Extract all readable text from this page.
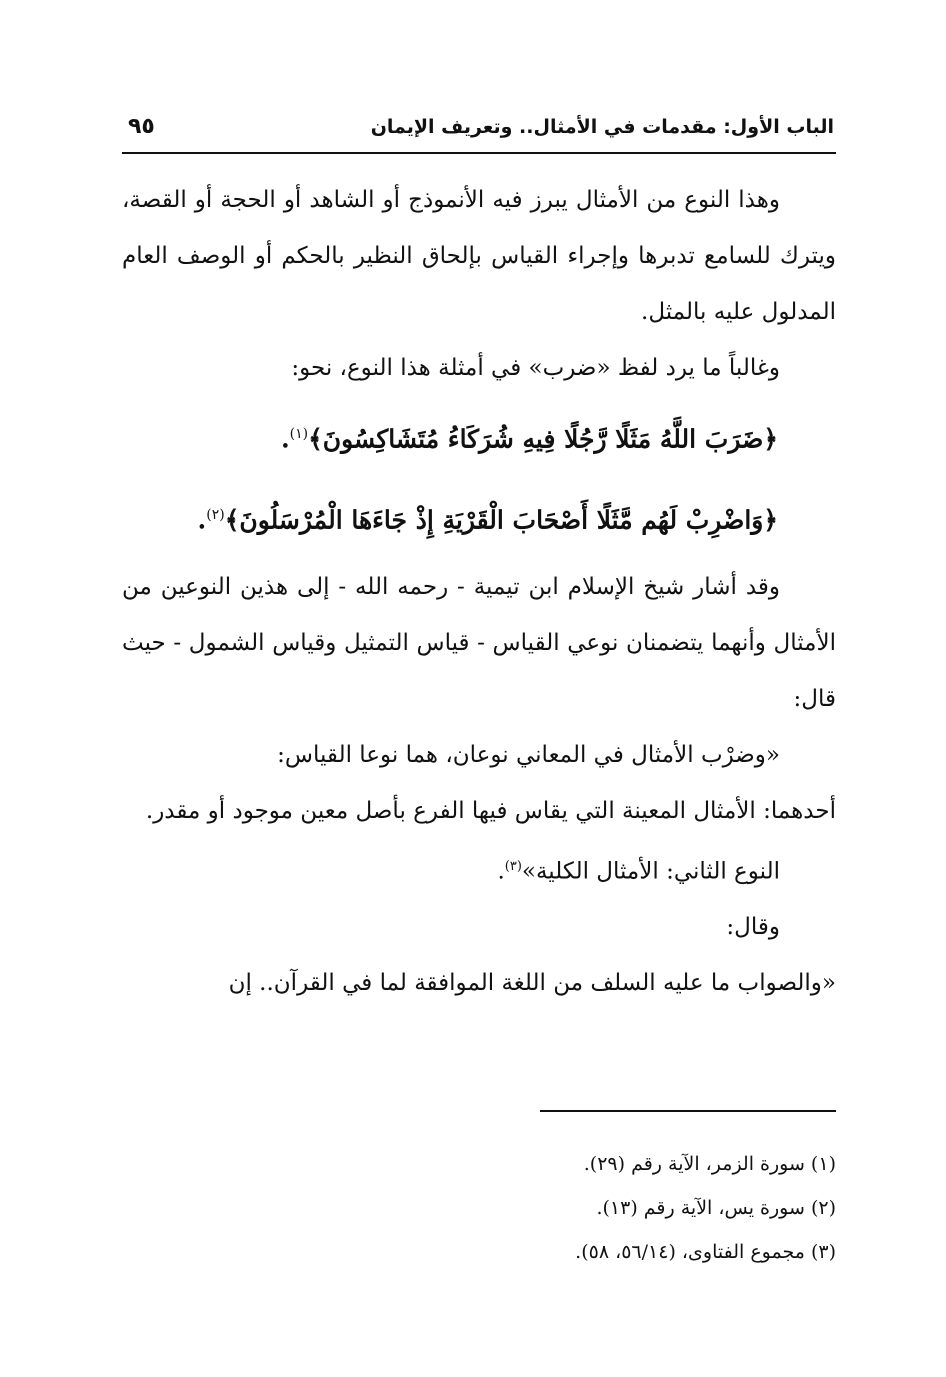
الباب الأول: مقدمات في الأمثال.. وتعريف الإيمان
٩٥

وهذا النوع من الأمثال يبرز فيه الأنموذج أو الشاهد أو الحجة أو القصة، ويترك للسامع تدبرها وإجراء القياس بإلحاق النظير بالحكم أو الوصف العام المدلول عليه بالمثل.

وغالباً ما يرد لفظ «ضرب» في أمثلة هذا النوع، نحو:

﴿ضَرَبَ اللَّهُ مَثَلًا رَّجُلًا فِيهِ شُرَكَاءُ مُتَشَاكِسُونَ﴾$^{(١)}$.

﴿وَاضْرِبْ لَهُم مَّثَلًا أَصْحَابَ الْقَرْيَةِ إِذْ جَاءَهَا الْمُرْسَلُونَ﴾$^{(٢)}$.

وقد أشار شيخ الإسلام ابن تيمية - رحمه الله - إلى هذين النوعين من الأمثال وأنهما يتضمنان نوعي القياس - قياس التمثيل وقياس الشمول - حيث قال:

«وضرْب الأمثال في المعاني نوعان، هما نوعا القياس:

أحدهما: الأمثال المعينة التي يقاس فيها الفرع بأصل معين موجود أو مقدر.

النوع الثاني: الأمثال الكلية»$^{(٣)}$.

وقال:

«والصواب ما عليه السلف من اللغة الموافقة لما في القرآن.. إن

(١) سورة الزمر، الآية رقم (٢٩).

(٢) سورة يس، الآية رقم (١٣).

(٣) مجموع الفتاوى، (٥٦/١٤، ٥٨).
